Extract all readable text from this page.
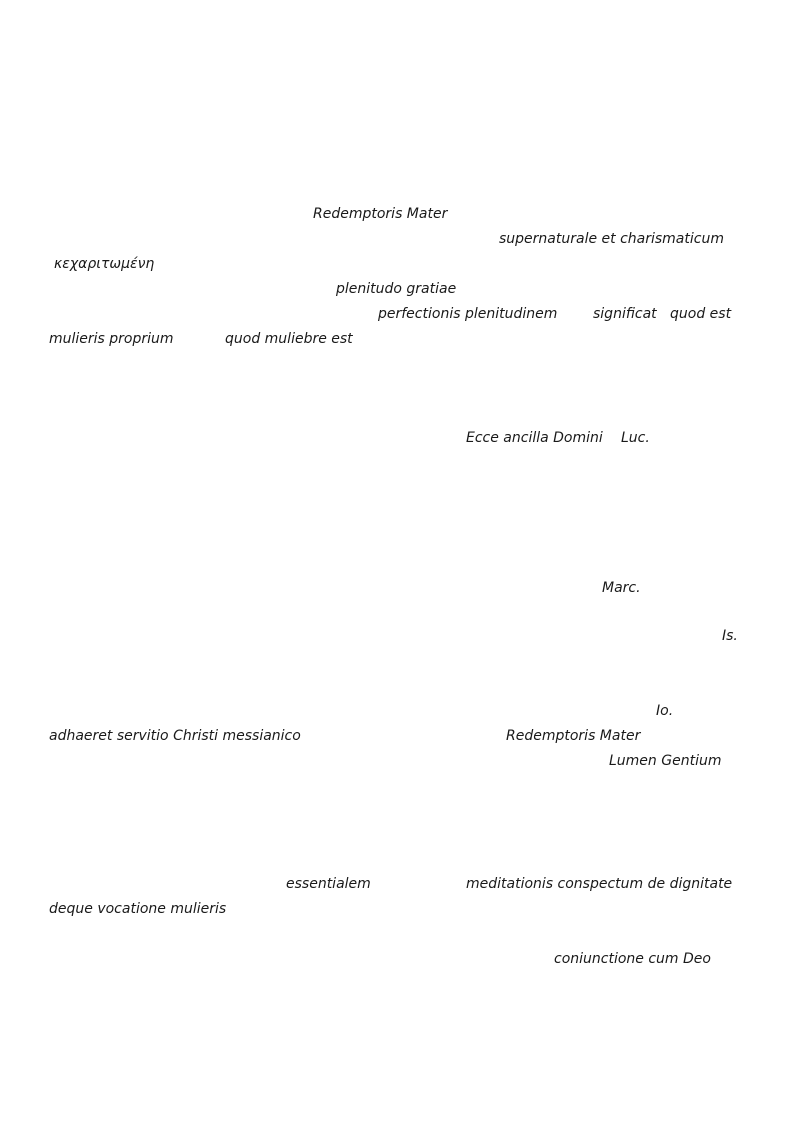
Redemptoris Mater
supernaturale et charismaticum
κεχαριτωμένη
plenitudo gratiae
perfectionis plenitudinem	significat quod est
mulieris proprium	quod muliebre est
Ecce ancilla Domini Luc.
Marc.
Is.
Io.
adhaeret servitio Christi messianico	Redemptoris Mater
Lumen Gentium
essentialem	meditationis conspectum de dignitate
deque vocatione mulieris
coniunctione cum Deo
